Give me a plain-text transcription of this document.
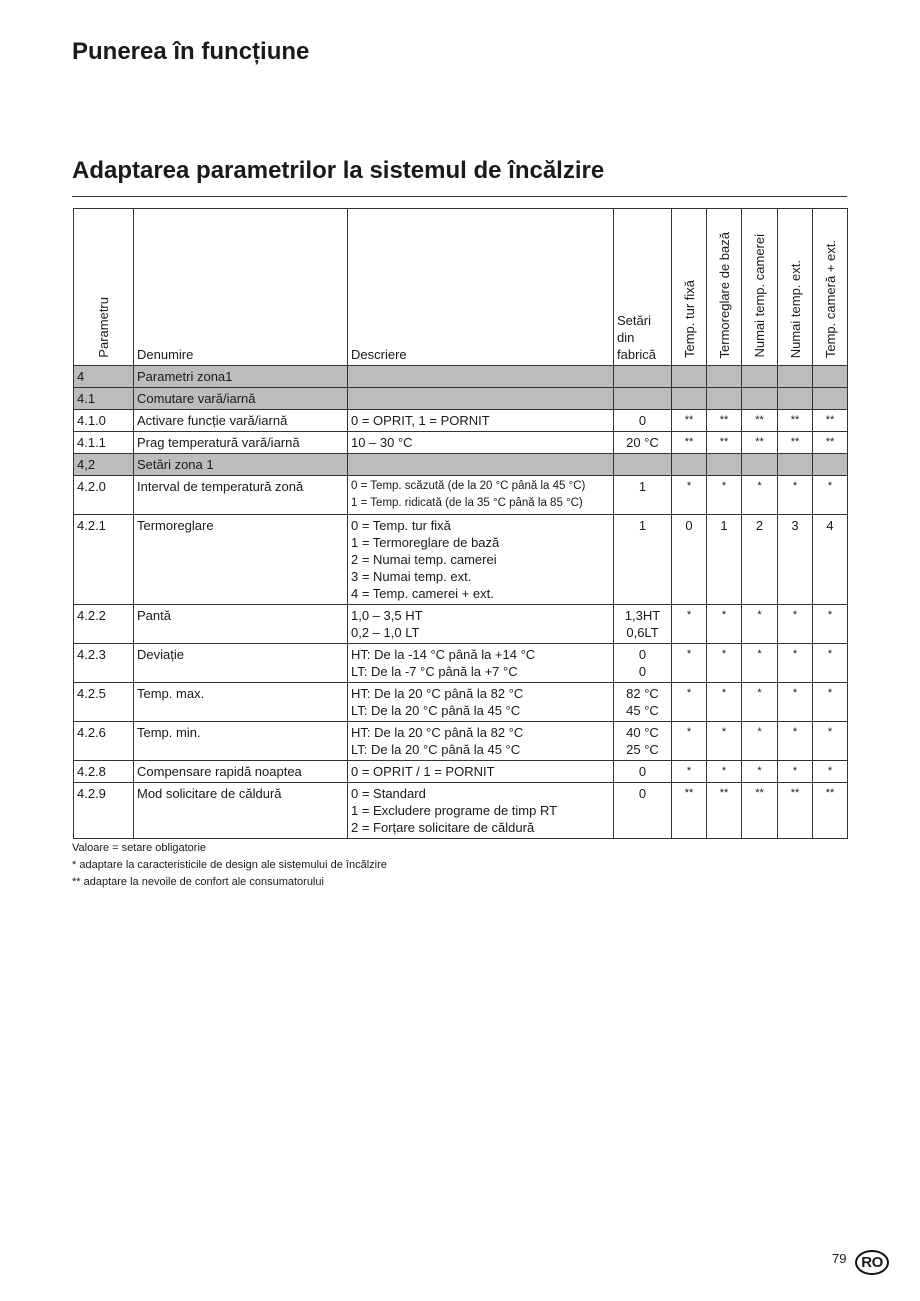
Punerea în funcțiune
Adaptarea parametrilor la sistemul de încălzire
Parametru	Denumire	Descriere	Setări
din
fabrică	Temp. tur fixă	Termoreglare de bază	Numai temp. camerei	Numai temp. ext.	Temp. cameră + ext.
4	Parametri zona1							
4.1	Comutare vară/iarnă							
4.1.0	Activare funcție vară/iarnă	0 = OPRIT, 1 = PORNIT	0	**	**	**	**	**
4.1.1	Prag temperatură vară/iarnă	10 – 30 °C	20 °C	**	**	**	**	**
4,2	Setări zona 1							
4.2.0	Interval de temperatură zonă	0 = Temp. scăzută (de la 20 °C până la 45 °C)
1 = Temp. ridicată (de la 35 °C până la 85 °C)	1	*	*	*	*	*
4.2.1	Termoreglare	0 = Temp. tur fixă
1 = Termoreglare de bază
2 = Numai temp. camerei
3 = Numai temp. ext.
4 = Temp. camerei + ext.	1	0	1	2	3	4
4.2.2	Pantă	1,0 – 3,5 HT
0,2 – 1,0 LT	1,3HT
0,6LT	*	*	*	*	*
4.2.3	Deviație	HT: De la -14 °C până la +14 °C
LT: De la -7 °C până la +7 °C	0
0	*	*	*	*	*
4.2.5	Temp. max.	HT: De la 20 °C până la 82 °C
LT: De la 20 °C până la 45 °C	82 °C
45 °C	*	*	*	*	*
4.2.6	Temp. min.	HT: De la 20 °C până la 82 °C
LT: De la 20 °C până la 45 °C	40 °C
25 °C	*	*	*	*	*
4.2.8	Compensare rapidă noaptea	0 = OPRIT / 1 = PORNIT	0	*	*	*	*	*
4.2.9	Mod solicitare de căldură	0 = Standard
1 = Excludere programe de timp RT
2 = Forțare solicitare de căldură	0	**	**	**	**	**
Valoare = setare obligatorie
* adaptare la caracteristicile de design ale sistemului de încălzire
** adaptare la nevoile de confort ale consumatorului
79 RO
